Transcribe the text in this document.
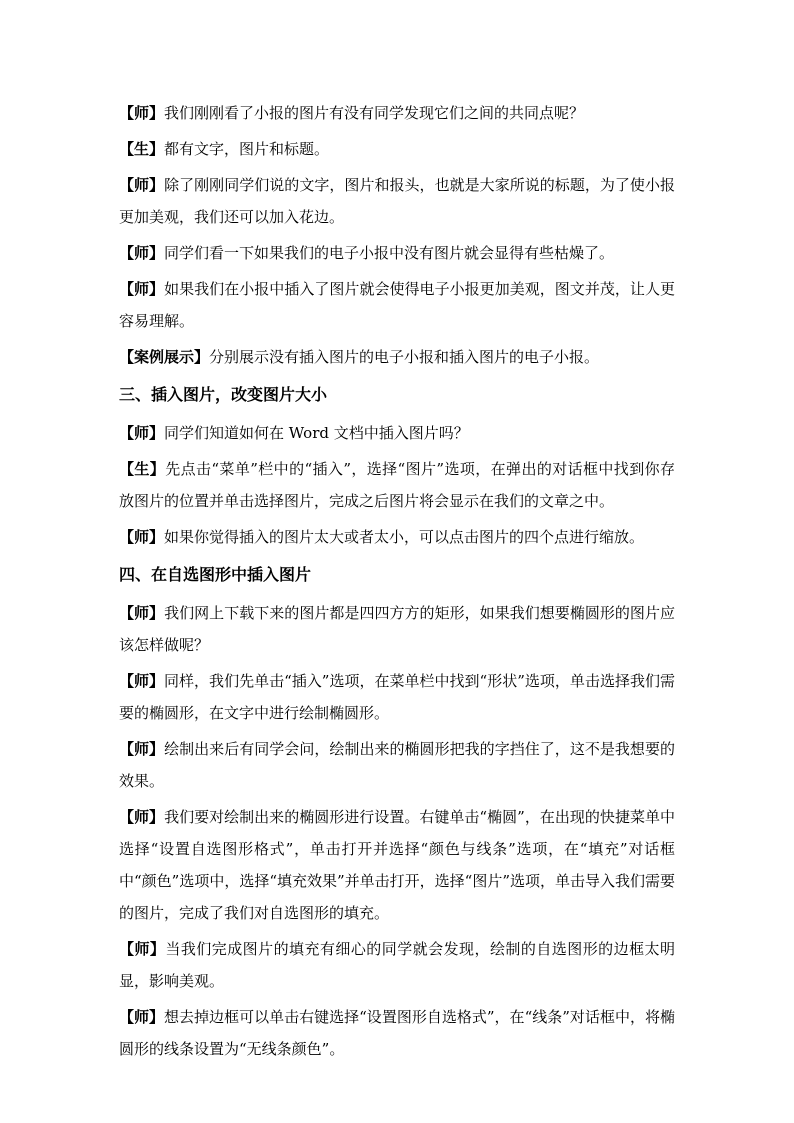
【师】我们刚刚看了小报的图片有没有同学发现它们之间的共同点呢？

【生】都有文字，图片和标题。

【师】除了刚刚同学们说的文字，图片和报头，也就是大家所说的标题，为了使小报更加美观，我们还可以加入花边。

【师】同学们看一下如果我们的电子小报中没有图片就会显得有些枯燥了。

【师】如果我们在小报中插入了图片就会使得电子小报更加美观，图文并茂，让人更容易理解。

【案例展示】分别展示没有插入图片的电子小报和插入图片的电子小报。

三、插入图片，改变图片大小

【师】同学们知道如何在 Word 文档中插入图片吗？

【生】先点击“菜单”栏中的“插入”，选择“图片”选项，在弹出的对话框中找到你存放图片的位置并单击选择图片，完成之后图片将会显示在我们的文章之中。

【师】如果你觉得插入的图片太大或者太小，可以点击图片的四个点进行缩放。

四、在自选图形中插入图片

【师】我们网上下载下来的图片都是四四方方的矩形，如果我们想要椭圆形的图片应该怎样做呢？

【师】同样，我们先单击“插入”选项，在菜单栏中找到“形状”选项，单击选择我们需要的椭圆形，在文字中进行绘制椭圆形。

【师】绘制出来后有同学会问，绘制出来的椭圆形把我的字挡住了，这不是我想要的效果。

【师】我们要对绘制出来的椭圆形进行设置。右键单击“椭圆”，在出现的快捷菜单中选择“设置自选图形格式”，单击打开并选择“颜色与线条”选项，在“填充”对话框中“颜色”选项中，选择“填充效果”并单击打开，选择“图片”选项，单击导入我们需要的图片，完成了我们对自选图形的填充。

【师】当我们完成图片的填充有细心的同学就会发现，绘制的自选图形的边框太明显，影响美观。

【师】想去掉边框可以单击右键选择“设置图形自选格式”，在“线条”对话框中，将椭圆形的线条设置为“无线条颜色”。
